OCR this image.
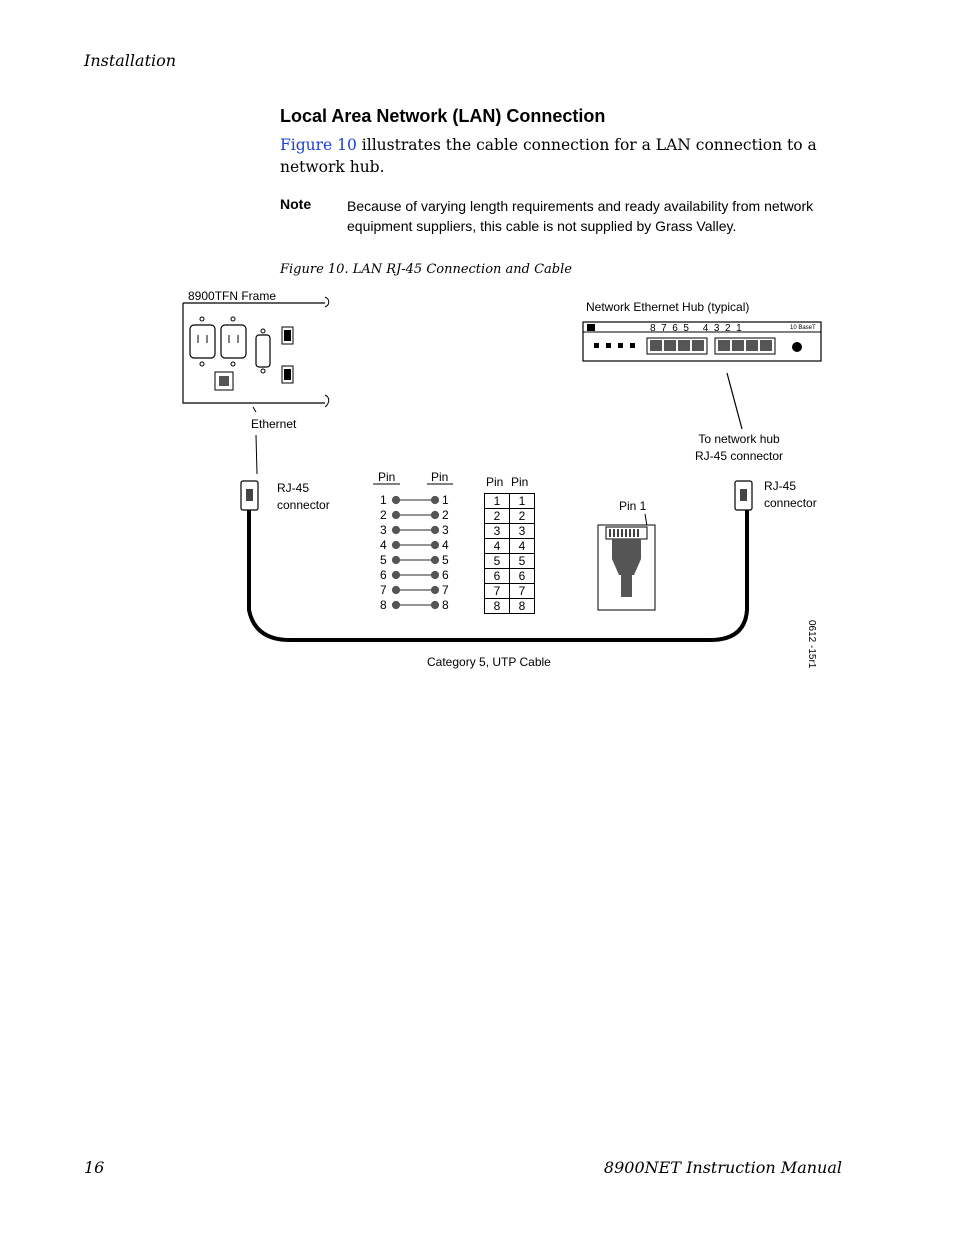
Installation
Local Area Network (LAN) Connection
Figure 10 illustrates the cable connection for a LAN connection to a network hub.
Note	Because of varying length requirements and ready availability from network equipment suppliers, this cable is not supplied by Grass Valley.
Figure 10. LAN RJ-45 Connection and Cable
8900TFN Frame
Ethernet
RJ-45
connector
RJ-45
connector
Network Ethernet Hub (typical)
8  7  6  5     4  3  2  1	10 BaseT
To network hub
RJ-45 connector
Pin 1
Category 5, UTP Cable	0612 -15r1
Pin	Pin	Pin Pin
1
2
3
4
5
6
7
8
1
2
3
4
5
6
7
8
1	1
2	2
3	3
4	4
5	5
6	6
7	7
8	8
16	8900NET Instruction Manual
